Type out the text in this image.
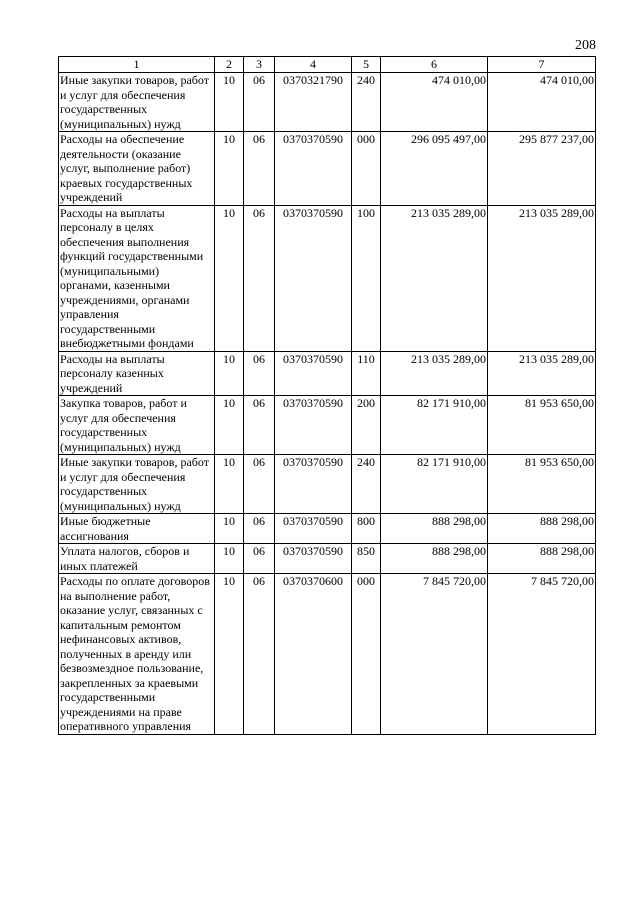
208
1	2	3	4	5	6	7
Иные закупки товаров, работ и услуг для обеспечения государственных (муниципальных) нужд	10	06	0370321790	240	474 010,00	474 010,00
Расходы на обеспечение деятельности (оказание услуг, выполнение работ) краевых государственных учреждений	10	06	0370370590	000	296 095 497,00	295 877 237,00
Расходы на выплаты персоналу в целях обеспечения выполнения функций государственными (муниципальными) органами, казенными учреждениями, органами управления государственными внебюджетными фондами	10	06	0370370590	100	213 035 289,00	213 035 289,00
Расходы на выплаты персоналу казенных учреждений	10	06	0370370590	110	213 035 289,00	213 035 289,00
Закупка товаров, работ и услуг для обеспечения государственных (муниципальных) нужд	10	06	0370370590	200	82 171 910,00	81 953 650,00
Иные закупки товаров, работ и услуг для обеспечения государственных (муниципальных) нужд	10	06	0370370590	240	82 171 910,00	81 953 650,00
Иные бюджетные ассигнования	10	06	0370370590	800	888 298,00	888 298,00
Уплата налогов, сборов и иных платежей	10	06	0370370590	850	888 298,00	888 298,00
Расходы по оплате договоров на выполнение работ, оказание услуг, связанных с капитальным ремонтом нефинансовых активов, полученных в аренду или безвозмездное пользование, закрепленных за краевыми государственными учреждениями на праве оперативного управления	10	06	0370370600	000	7 845 720,00	7 845 720,00
